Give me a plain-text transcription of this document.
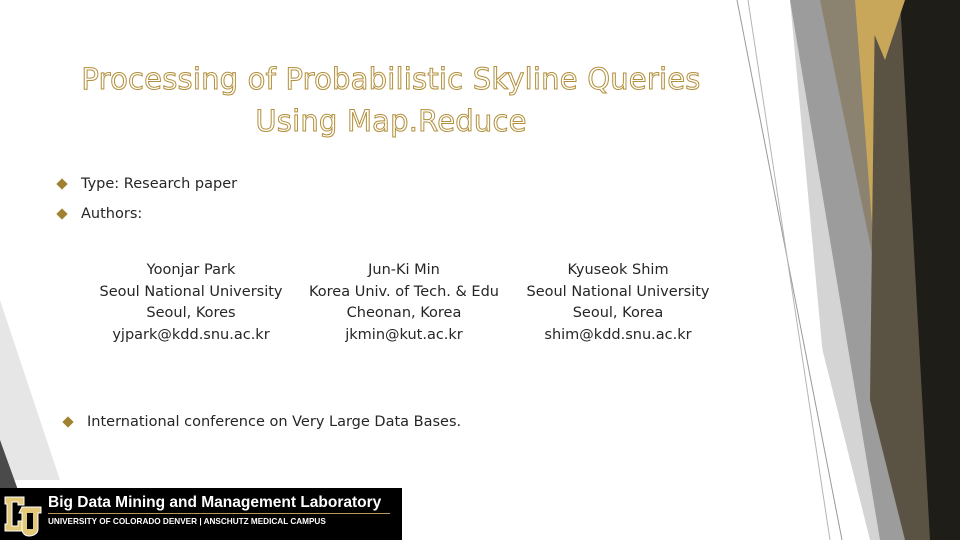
Processing of Probabilistic Skyline Queries
Using Map.Reduce
Type: Research paper
Authors:
Yoonjar Park
Seoul National University
Seoul, Kores
yjpark@kdd.snu.ac.kr
Jun-Ki Min
Korea Univ. of Tech. & Edu
Cheonan, Korea
jkmin@kut.ac.kr
Kyuseok Shim
Seoul National University
Seoul, Korea
shim@kdd.snu.ac.kr
International conference on Very Large Data Bases.
Big Data Mining and Management Laboratory
UNIVERSITY OF COLORADO DENVER | ANSCHUTZ MEDICAL CAMPUS
